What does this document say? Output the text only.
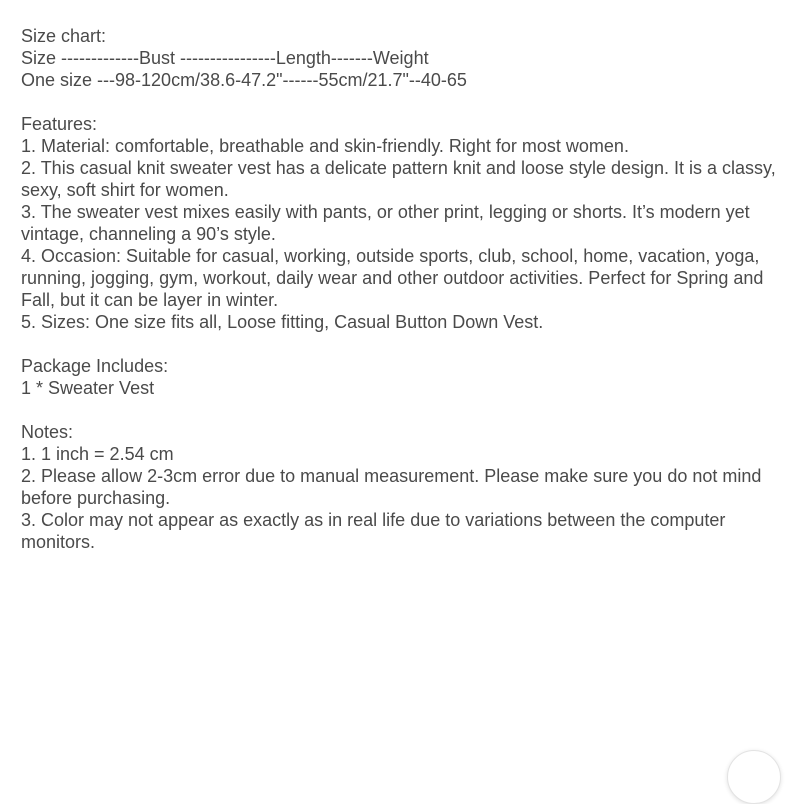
Size chart:
Size -------------Bust ----------------Length-------Weight
One size ---98-120cm/38.6-47.2"------55cm/21.7"--40-65
Features:
1. Material: comfortable, breathable and skin-friendly. Right for most women.
2. This casual knit sweater vest has a delicate pattern knit and loose style design. It is a classy,
sexy, soft shirt for women.
3. The sweater vest mixes easily with pants, or other print, legging or shorts. It’s modern yet
vintage, channeling a 90’s style.
4. Occasion: Suitable for casual, working, outside sports, club, school, home, vacation, yoga,
running, jogging, gym, workout, daily wear and other outdoor activities. Perfect for Spring and
Fall, but it can be layer in winter.
5. Sizes: One size fits all, Loose fitting, Casual Button Down Vest.
Package Includes:
1 * Sweater Vest
Notes:
1. 1 inch = 2.54 cm
2. Please allow 2-3cm error due to manual measurement. Please make sure you do not mind
before purchasing.
3. Color may not appear as exactly as in real life due to variations between the computer
monitors.
